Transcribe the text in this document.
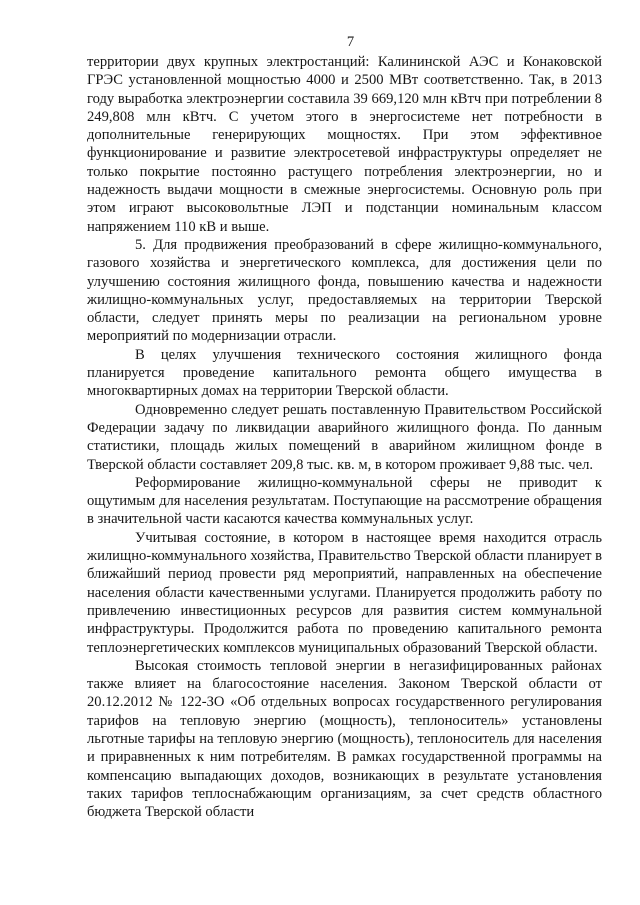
7

территории двух крупных электростанций: Калининской АЭС и Конаковской ГРЭС установленной мощностью 4000 и 2500 МВт соответственно. Так, в 2013 году выработка электроэнергии составила 39 669,120 млн кВтч при потреблении 8 249,808 млн кВтч. С учетом этого в энергосистеме нет потребности в дополнительные генерирующих мощностях. При этом эффективное функционирование и развитие электросетевой инфраструктуры определяет не только покрытие постоянно растущего потребления электроэнергии, но и надежность выдачи мощности в смежные энергосистемы. Основную роль при этом играют высоковольтные ЛЭП и подстанции номинальным классом напряжением 110 кВ и выше.

5. Для продвижения преобразований в сфере жилищно-коммунального, газового хозяйства и энергетического комплекса, для достижения цели по улучшению состояния жилищного фонда, повышению качества и надежности жилищно-коммунальных услуг, предоставляемых на территории Тверской области, следует принять меры по реализации на региональном уровне мероприятий по модернизации отрасли.

В целях улучшения технического состояния жилищного фонда планируется проведение капитального ремонта общего имущества в многоквартирных домах на территории Тверской области.

Одновременно следует решать поставленную Правительством Российской Федерации задачу по ликвидации аварийного жилищного фонда. По данным статистики, площадь жилых помещений в аварийном жилищном фонде в Тверской области составляет 209,8 тыс. кв. м, в котором проживает 9,88 тыс. чел.

Реформирование жилищно-коммунальной сферы не приводит к ощутимым для населения результатам. Поступающие на рассмотрение обращения в значительной части касаются качества коммунальных услуг.

Учитывая состояние, в котором в настоящее время находится отрасль жилищно-коммунального хозяйства, Правительство Тверской области планирует в ближайший период провести ряд мероприятий, направленных на обеспечение населения области качественными услугами. Планируется продолжить работу по привлечению инвестиционных ресурсов для развития систем коммунальной инфраструктуры. Продолжится работа по проведению капитального ремонта теплоэнергетических комплексов муниципальных образований Тверской области.

Высокая стоимость тепловой энергии в негазифицированных районах также влияет на благосостояние населения. Законом Тверской области от 20.12.2012 № 122-ЗО «Об отдельных вопросах государственного регулирования тарифов на тепловую энергию (мощность), теплоноситель» установлены льготные тарифы на тепловую энергию (мощность), теплоноситель для населения и приравненных к ним потребителям. В рамках государственной программы на компенсацию выпадающих доходов, возникающих в результате установления таких тарифов теплоснабжающим организациям, за счет средств областного бюджета Тверской области
